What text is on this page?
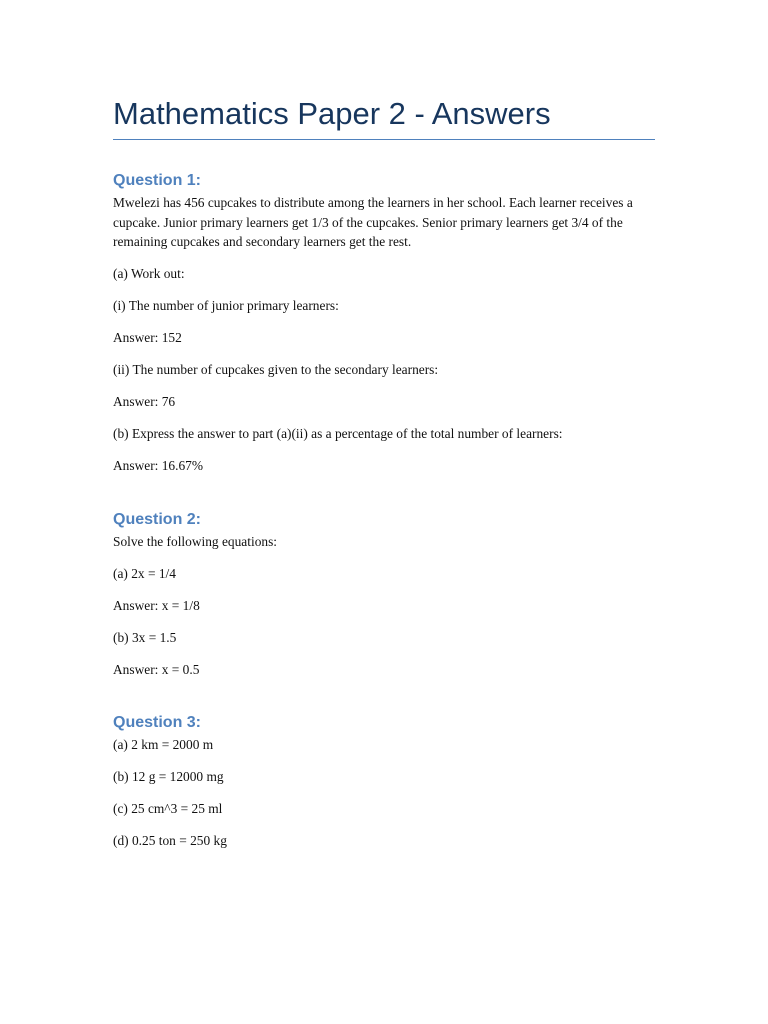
Mathematics Paper 2 - Answers
Question 1:

Mwelezi has 456 cupcakes to distribute among the learners in her school. Each learner receives a cupcake. Junior primary learners get 1/3 of the cupcakes. Senior primary learners get 3/4 of the remaining cupcakes and secondary learners get the rest.

(a) Work out:

(i) The number of junior primary learners:

Answer: 152

(ii) The number of cupcakes given to the secondary learners:

Answer: 76

(b) Express the answer to part (a)(ii) as a percentage of the total number of learners:

Answer: 16.67%

Question 2:

Solve the following equations:

(a) 2x = 1/4

Answer: x = 1/8

(b) 3x = 1.5

Answer: x = 0.5

Question 3:

(a) 2 km = 2000 m

(b) 12 g = 12000 mg

(c) 25 cm^3 = 25 ml

(d) 0.25 ton = 250 kg
